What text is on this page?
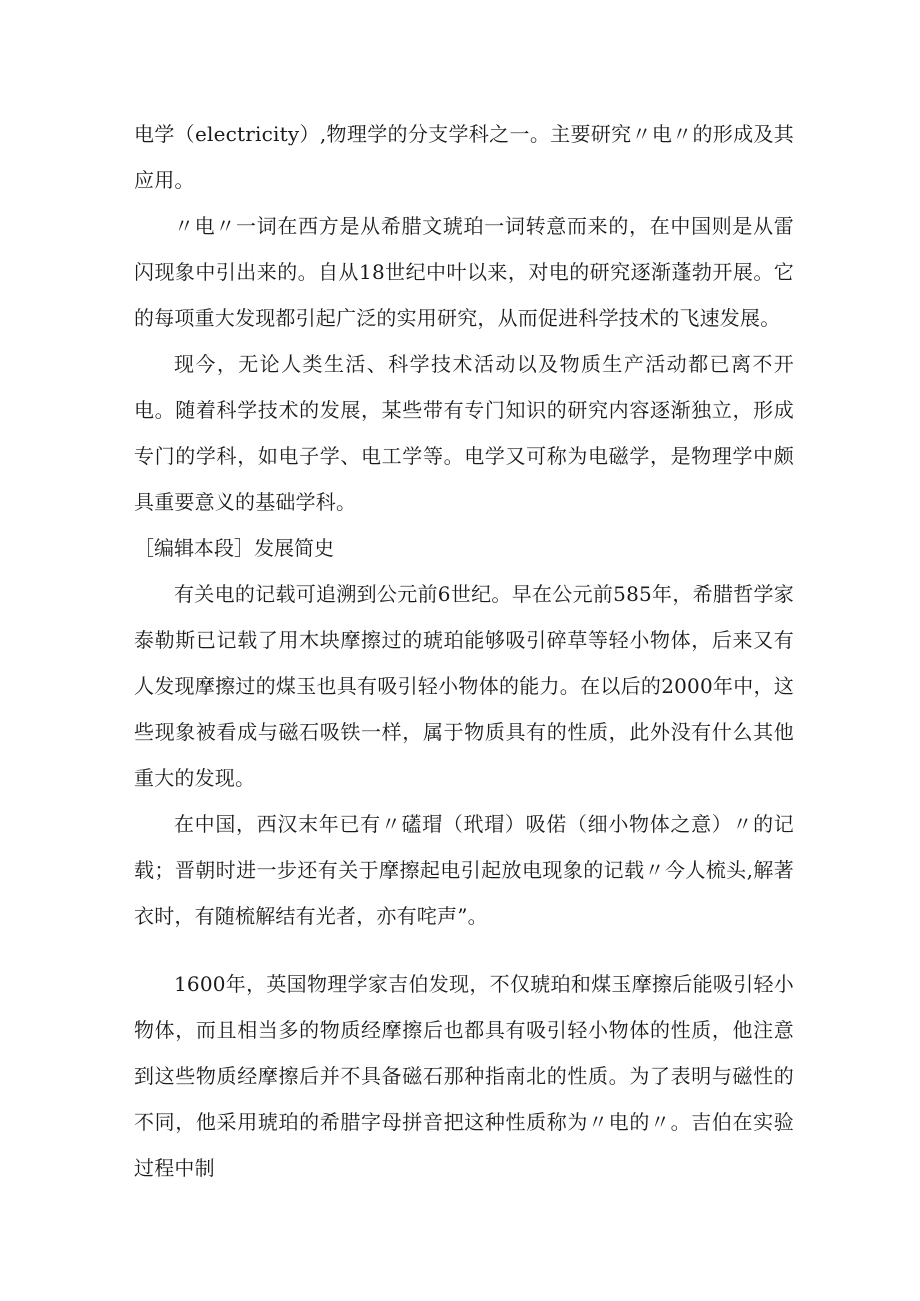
电学（electricity）,物理学的分支学科之一。主要研究〃电〃的形成及其应用。

〃电〃一词在西方是从希腊文琥珀一词转意而来的，在中国则是从雷闪现象中引出来的。自从18世纪中叶以来，对电的研究逐渐蓬勃开展。它的每项重大发现都引起广泛的实用研究，从而促进科学技术的飞速发展。

现今，无论人类生活、科学技术活动以及物质生产活动都已离不开电。随着科学技术的发展，某些带有专门知识的研究内容逐渐独立，形成专门的学科，如电子学、电工学等。电学又可称为电磁学，是物理学中颇具重要意义的基础学科。

［编辑本段］发展简史

有关电的记载可追溯到公元前6世纪。早在公元前585年，希腊哲学家泰勒斯已记载了用木块摩擦过的琥珀能够吸引碎草等轻小物体，后来又有人发现摩擦过的煤玉也具有吸引轻小物体的能力。在以后的2000年中，这些现象被看成与磁石吸铁一样，属于物质具有的性质，此外没有什么其他重大的发现。

在中国，西汉末年已有〃礚瑁（玳瑁）吸偌（细小物体之意）〃的记载；晋朝时进一步还有关于摩擦起电引起放电现象的记载〃今人梳头,解著衣时，有随梳解结有光者，亦有咤声”。

1600年，英国物理学家吉伯发现，不仅琥珀和煤玉摩擦后能吸引轻小物体，而且相当多的物质经摩擦后也都具有吸引轻小物体的性质，他注意到这些物质经摩擦后并不具备磁石那种指南北的性质。为了表明与磁性的不同，他采用琥珀的希腊字母拼音把这种性质称为〃电的〃。吉伯在实验过程中制
